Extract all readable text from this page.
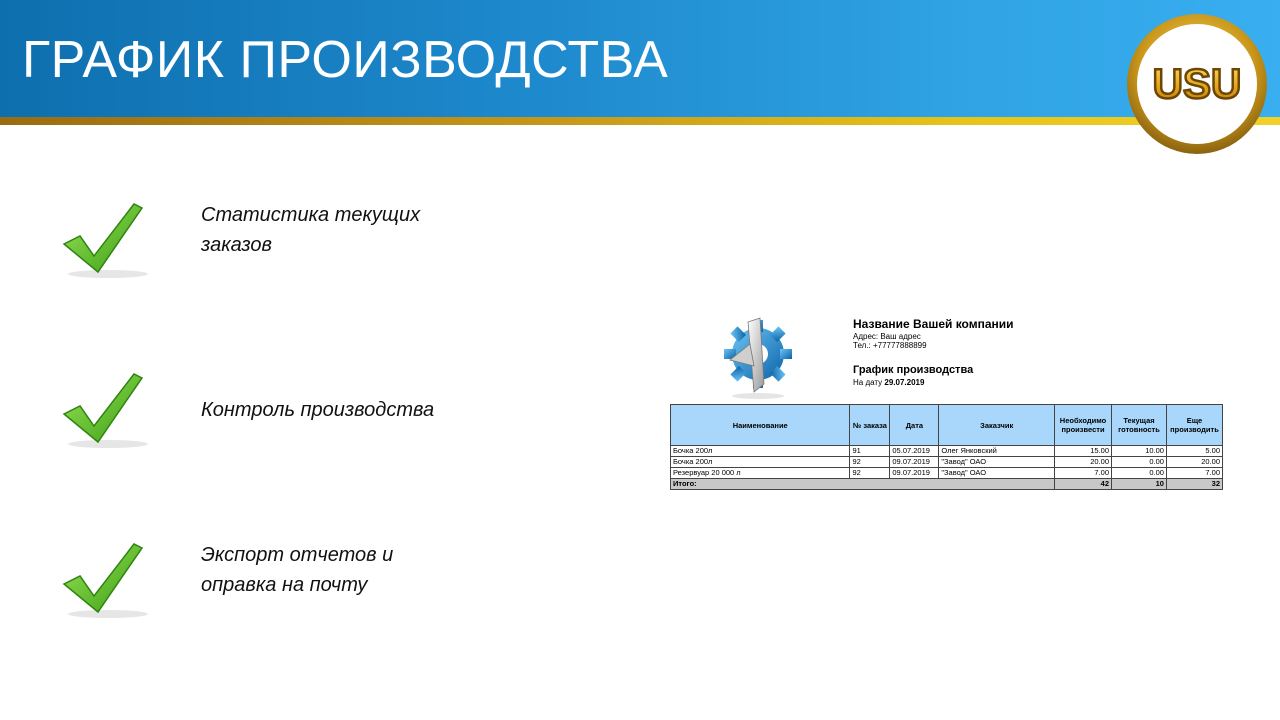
ГРАФИК ПРОИЗВОДСТВА	USU
Статистика текущих
заказов
Контроль производства
Экспорт отчетов и
оправка на почту
Название Вашей компании
Адрес: Ваш адрес
Тел.: +77777888899
График производства
На дату 29.07.2019
Наименование	№ заказа	Дата	Заказчик	Необходимо произвести	Текущая готовность	Еще производить
Бочка 200л	91	05.07.2019	Олег Янковский	15.00	10.00	5.00
Бочка 200л	92	09.07.2019	"Завод" ОАО	20.00	0.00	20.00
Резервуар 20 000 л	92	09.07.2019	"Завод" ОАО	7.00	0.00	7.00
Итого:				42	10	32
